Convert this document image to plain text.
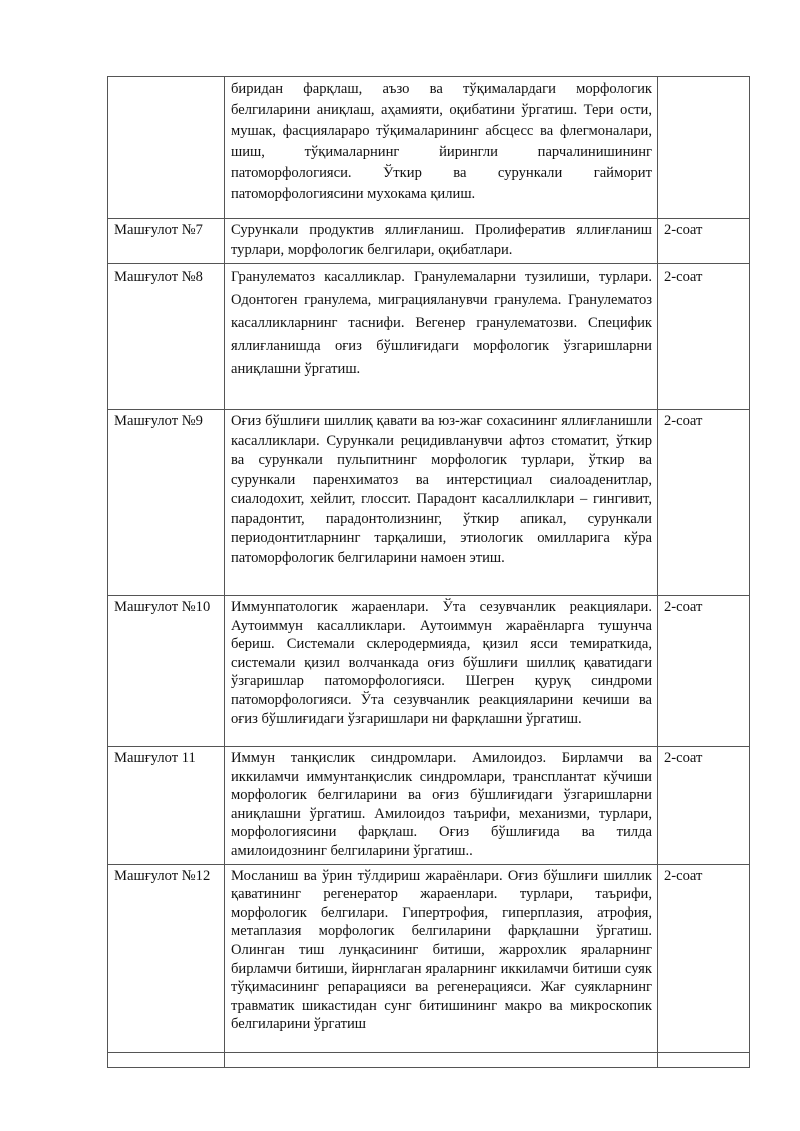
	биридан фарқлаш, аъзо ва тўқималардаги морфологик белгиларини аниқлаш, аҳамияти, оқибатини ўргатиш. Тери ости, мушак, фасциялараро тўқималарининг абсцесс ва флегмоналари, шиш, тўқималарнинг йирингли парчалинишининг патоморфологияси. Ўткир ва сурункали гайморит патоморфологиясини мухокама қилиш.	
Машғулот №7	Сурункали продуктив яллиғланиш. Пролифератив яллиғланиш турлари, морфологик белгилари, оқибатлари.	2-соат
Машғулот №8	Гранулематоз касалликлар. Гранулемаларни тузилиши, турлари. Одонтоген гранулема, миграцияланувчи гранулема. Гранулематоз касалликларнинг таснифи. Вегенер гранулематозви. Специфик яллиғланишда оғиз бўшлиғидаги морфологик ўзгаришларни аниқлашни ўргатиш.	2-соат
Машғулот №9	Оғиз бўшлиғи шиллиқ қавати ва юз-жағ сохасининг яллиғланишли касалликлари. Сурункали рецидивланувчи афтоз стоматит, ўткир ва сурункали пульпитнинг морфологик турлари, ўткир ва сурункали паренхиматоз ва интерстициал сиалоаденитлар, сиалодохит, хейлит, глоссит. Парадонт касаллилклари – гингивит, парадонтит, парадонтолизнинг, ўткир апикал, сурункали периодонтитларнинг тарқалиши, этиологик омилларига кўра патоморфологик белгиларини намоен этиш.	2-соат
Машғулот №10	Иммунпатологик жараенлари. Ўта сезувчанлик реакциялари. Аутоиммун касалликлари. Аутоиммун жараёнларга тушунча бериш. Системали склеродермияда, қизил ясси темираткида, системали қизил волчанкада оғиз бўшлиғи шиллиқ қаватидаги ўзгаришлар патоморфологияси. Шегрен қуруқ синдроми патоморфологияси. Ўта сезувчанлик реакцияларини кечиши ва оғиз бўшлиғидаги ўзгаришлари ни фарқлашни ўргатиш.	2-соат
Машғулот 11	Иммун танқислик синдромлари. Амилоидоз. Бирламчи ва иккиламчи иммунтанқислик синдромлари, трансплантат кўчиши морфологик белгиларини ва оғиз бўшлиғидаги ўзгаришларни аниқлашни ўргатиш. Амилоидоз таърифи, механизми, турлари, морфологиясини фарқлаш. Оғиз бўшлиғида ва тилда амилоидознинг белгиларини ўргатиш..	2-соат
Машғулот №12	Мосланиш ва ўрин тўлдириш жараёнлари. Оғиз бўшлиғи шиллик қаватининг регенератор жараенлари. турлари, таърифи, морфологик белгилари. Гипертрофия, гиперплазия, атрофия, метаплазия морфологик белгиларини фарқлашни ўргатиш. Олинган тиш лунқасининг битиши, жаррохлик яраларнинг бирламчи битиши, йирнглаган яраларнинг иккиламчи битиши суяк тўқимасининг репарацияси ва регенерацияси. Жағ суякларнинг травматик шикастидан сунг битишининг макро ва микроскопик белгиларини ўргатиш	2-соат
